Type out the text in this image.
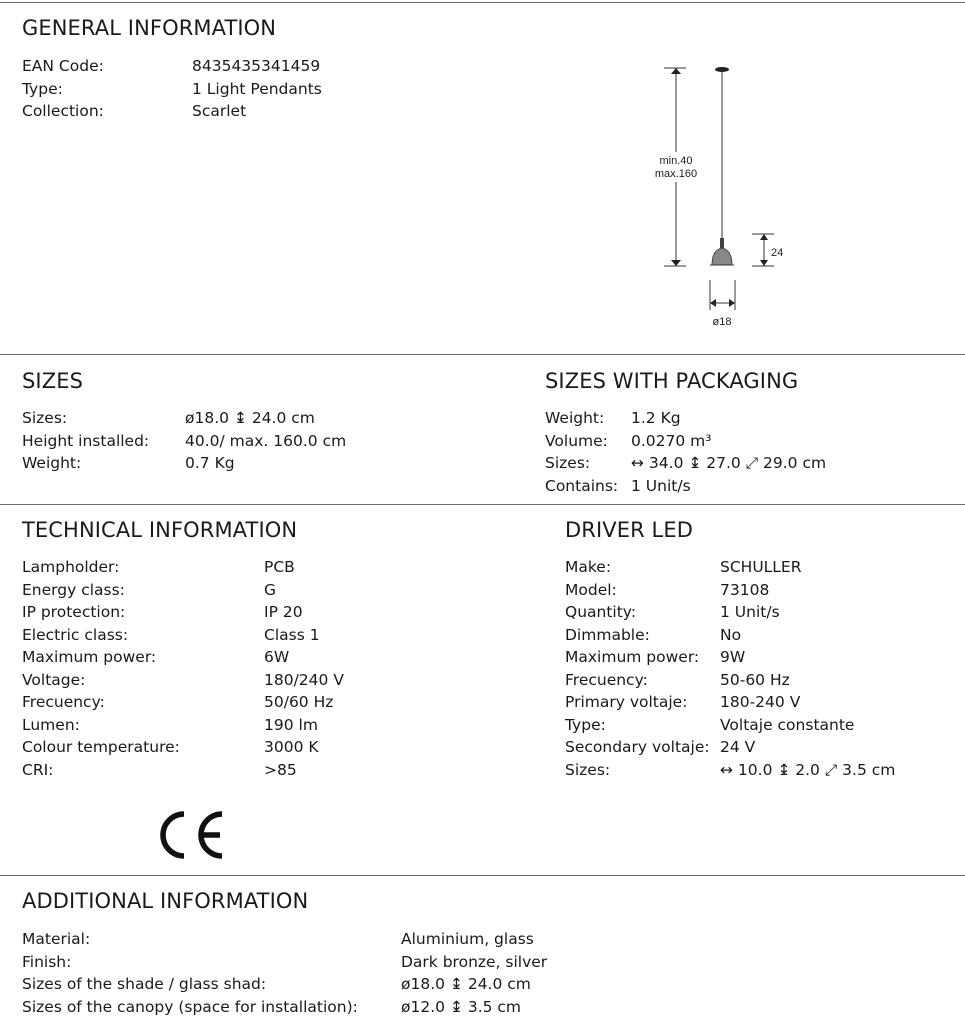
GENERAL INFORMATION
EAN Code:	8435435341459
Type:	1 Light Pendants
Collection:	Scarlet
min.40
max.160
24
ø18
SIZES
Sizes:	ø18.0 ↨ 24.0 cm
Height installed: 40.0/ max. 160.0 cm
Weight:	0.7 Kg
SIZES WITH PACKAGING
Weight: 1.2 Kg
Volume: 0.0270 m³
Sizes:	↔ 34.0 ↨ 27.0 ⤢ 29.0 cm
Contains: 1 Unit/s
TECHNICAL INFORMATION
Lampholder:	PCB
Energy class:	G
IP protection:	IP 20
Electric class:	Class 1
Maximum power:	6W
Voltage:	180/240 V
Frecuency:	50/60 Hz
Lumen:	190 lm
Colour temperature:	3000 K
CRI:	>85
DRIVER LED
Make:	SCHULLER
Model:	73108
Quantity:	1 Unit/s
Dimmable:	No
Maximum power: 9W
Frecuency:	50-60 Hz
Primary voltaje: 180-240 V
Type:	Voltaje constante
Secondary voltaje: 24 V
Sizes:	↔ 10.0 ↨ 2.0 ⤢ 3.5 cm
ADDITIONAL INFORMATION
Material:	Aluminium, glass
Finish:	Dark bronze, silver
Sizes of the shade / glass shad:	ø18.0 ↨ 24.0 cm
Sizes of the canopy (space for installation):	ø12.0 ↨ 3.5 cm
